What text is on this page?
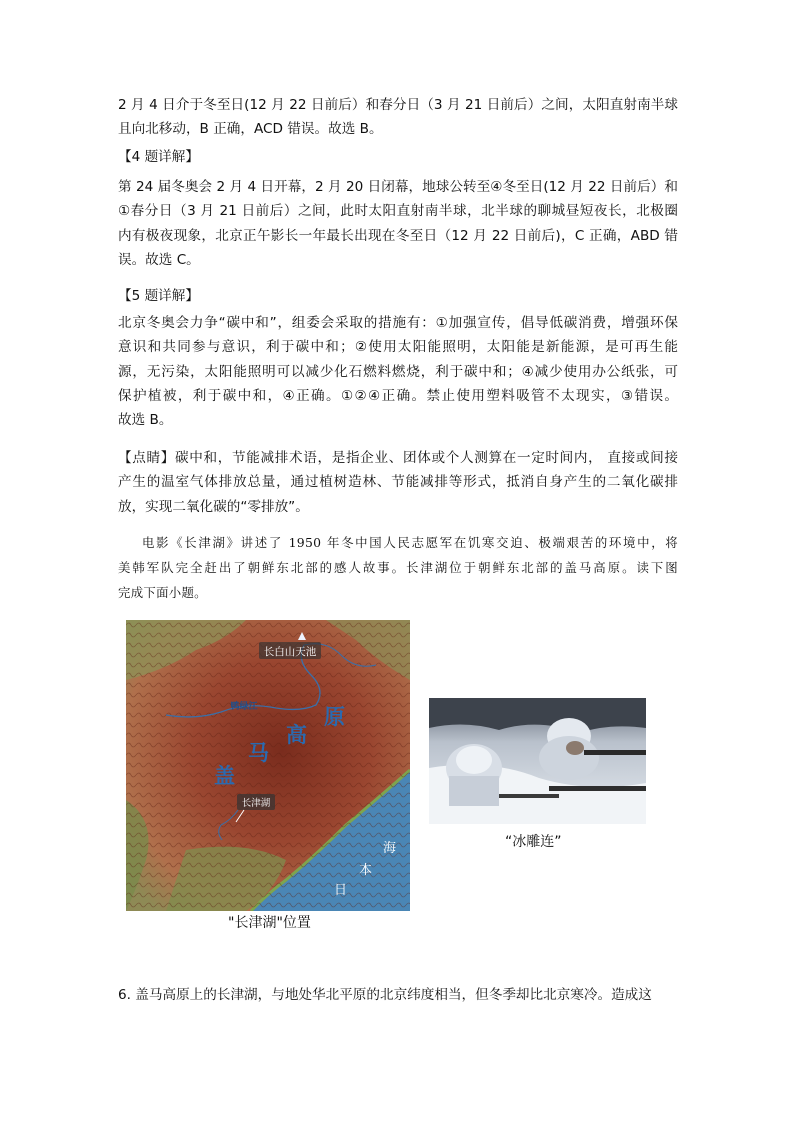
2 月 4 日介于冬至日(12 月 22 日前后）和春分日（3 月 21 日前后）之间，太阳直射南半球
且向北移动，B 正确，ACD 错误。故选 B。
【4 题详解】
第 24 届冬奥会 2 月 4 日开幕，2 月 20 日闭幕，地球公转至④冬至日(12 月 22 日前后）和
①春分日（3 月 21 日前后）之间，此时太阳直射南半球，北半球的聊城昼短夜长，北极圈
内有极夜现象，北京正午影长一年最长出现在冬至日（12 月 22 日前后)，C 正确，ABD 错
误。故选 C。
【5 题详解】
北京冬奥会力争“碳中和”，组委会采取的措施有：①加强宣传，倡导低碳消费，增强环保
意识和共同参与意识，利于碳中和；②使用太阳能照明，太阳能是新能源，是可再生能
源，无污染，太阳能照明可以减少化石燃料燃烧，利于碳中和；④减少使用办公纸张，可
保护植被，利于碳中和，④正确。①②④正确。禁止使用塑料吸管不太现实，③错误。
故选 B。
【点睛】碳中和，节能减排术语，是指企业、团体或个人测算在一定时间内， 直接或间接
产生的温室气体排放总量，通过植树造林、节能减排等形式，抵消自身产生的二氧化碳排
放，实现二氧化碳的“零排放”。
电影《长津湖》讲述了 1950 年冬中国人民志愿军在饥寒交迫、极端艰苦的环境中，将
美韩军队完全赶出了朝鲜东北部的感人故事。长津湖位于朝鲜东北部的盖马高原。读下图
完成下面小题。
长白山天池
鸭绿江
盖
马
高
原
长津湖
日
本
海
"长津湖"位置
“冰雕连”
6. 盖马高原上的长津湖，与地处华北平原的北京纬度相当，但冬季却比北京寒冷。造成这
